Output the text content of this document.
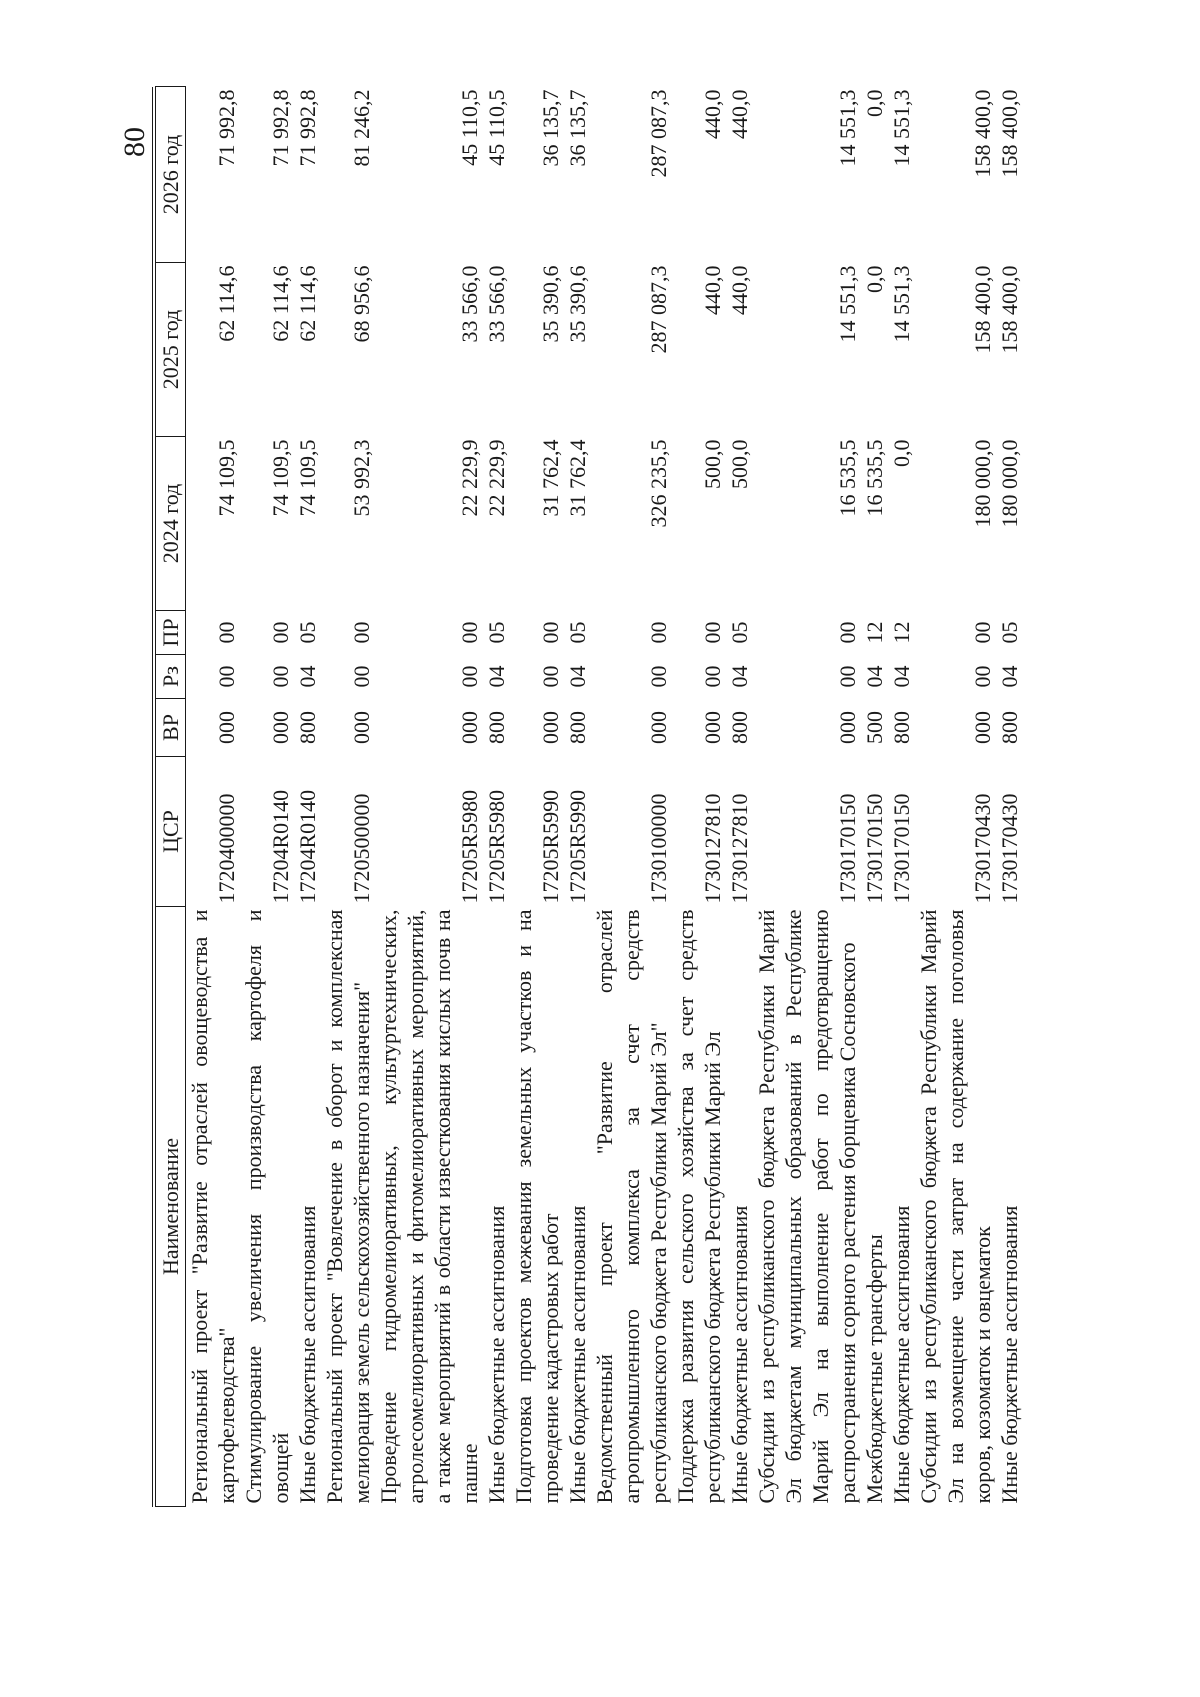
80
Наименование	ЦСР	ВР	Рз	ПР	2024 год	2025 год	2026 год
Региональный проект "Развитие отраслей овощеводства и картофелеводства"	1720400000	000	00	00	74 109,5	62 114,6	71 992,8
Стимулирование увеличения производства картофеля и овощей	17204R0140	000	00	00	74 109,5	62 114,6	71 992,8
Иные бюджетные ассигнования	17204R0140	800	04	05	74 109,5	62 114,6	71 992,8
Региональный проект "Вовлечение в оборот и комплексная мелиорация земель сельскохозяйственного назначения"	1720500000	000	00	00	53 992,3	68 956,6	81 246,2
Проведение гидромелиоративных, культуртехнических, агролесомелиоративных и фитомелиоративных мероприятий, а также мероприятий в области известкования кислых почв на пашне	17205R5980	000	00	00	22 229,9	33 566,0	45 110,5
Иные бюджетные ассигнования	17205R5980	800	04	05	22 229,9	33 566,0	45 110,5
Подготовка проектов межевания земельных участков и на проведение кадастровых работ	17205R5990	000	00	00	31 762,4	35 390,6	36 135,7
Иные бюджетные ассигнования	17205R5990	800	04	05	31 762,4	35 390,6	36 135,7
Ведомственный проект "Развитие отраслей агропромышленного комплекса за счет средств республиканского бюджета Республики Марий Эл"	1730100000	000	00	00	326 235,5	287 087,3	287 087,3
Поддержка развития сельского хозяйства за счет средств республиканского бюджета Республики Марий Эл	1730127810	000	00	00	500,0	440,0	440,0
Иные бюджетные ассигнования	1730127810	800	04	05	500,0	440,0	440,0
Субсидии из республиканского бюджета Республики Марий Эл бюджетам муниципальных образований в Республике Марий Эл на выполнение работ по предотвращению распространения сорного растения борщевика Сосновского	1730170150	000	00	00	16 535,5	14 551,3	14 551,3
Межбюджетные трансферты	1730170150	500	04	12	16 535,5	0,0	0,0
Иные бюджетные ассигнования	1730170150	800	04	12	0,0	14 551,3	14 551,3
Субсидии из республиканского бюджета Республики Марий Эл на возмещение части затрат на содержание поголовья коров, козоматок и овцематок	1730170430	000	00	00	180 000,0	158 400,0	158 400,0
Иные бюджетные ассигнования	1730170430	800	04	05	180 000,0	158 400,0	158 400,0
